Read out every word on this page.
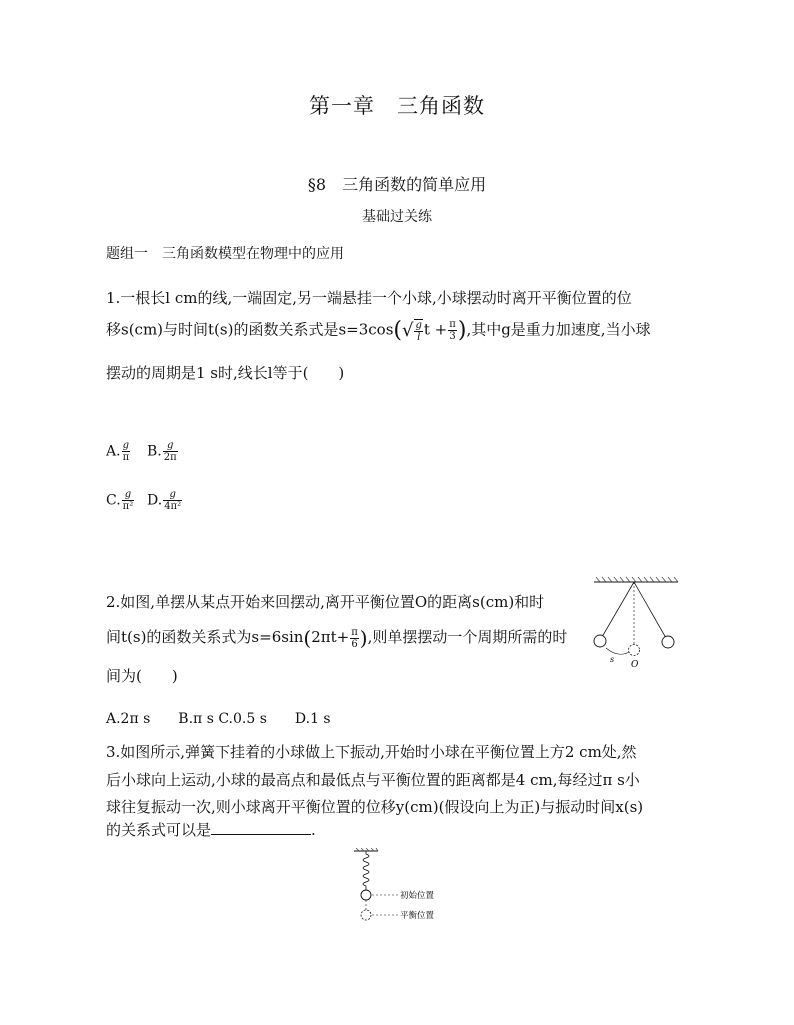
第一章　三角函数
§8　三角函数的简单应用
基础过关练
题组一　三角函数模型在物理中的应用
1.一根长l cm的线,一端固定,另一端悬挂一个小球,小球摆动时离开平衡位置的位
移s(cm)与时间t(s)的函数关系式是$s=3\cos(√ \frac{g}{l}$ $t + \frac{\pi}{3}$ ),其中g是重力加速度,当小球
摆动的周期是1 s时,线长l等于(　　)
A. $\frac{g}{\pi} B$. $\frac{g}{2\pi}$
C. $\frac{g}{\text{π²}} D$. $\frac{g}{\text{4π²}}$
2.如图,单摆从某点开始来回摆动,离开平衡位置O的距离s(cm)和时
间t(s)的函数关系式为$s=6\sin(2\pi t+ \frac{\pi}{6}$ ),则单摆摆动一个周期所需的时
间为(　　)
A.2π s　　B.π s C.0.5 s　　D.1 s
s
O
3.如图所示,弹簧下挂着的小球做上下振动,开始时小球在平衡位置上方2 cm处,然
后小球向上运动,小球的最高点和最低点与平衡位置的距离都是4 cm,每经过π s小
球往复振动一次,则小球离开平衡位置的位移y(cm)(假设向上为正)与振动时间x(s)
的关系式可以是	.
初始位置
平衡位置
